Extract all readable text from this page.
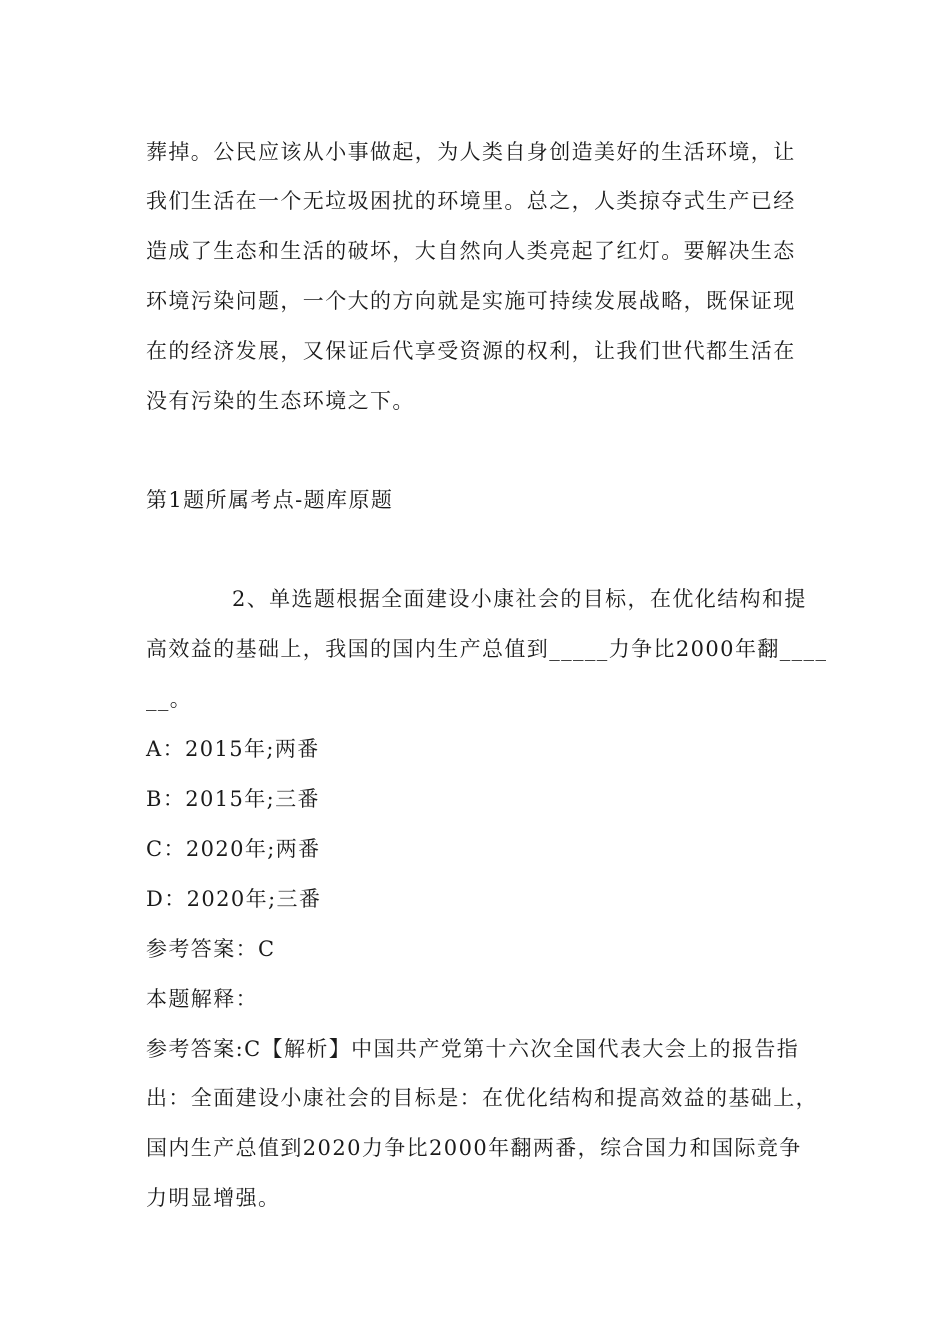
葬掉。公民应该从小事做起，为人类自身创造美好的生活环境，让
我们生活在一个无垃圾困扰的环境里。总之，人类掠夺式生产已经
造成了生态和生活的破坏，大自然向人类亮起了红灯。要解决生态
环境污染问题，一个大的方向就是实施可持续发展战略，既保证现
在的经济发展，又保证后代享受资源的权利，让我们世代都生活在
没有污染的生态环境之下。
第1题所属考点-题库原题
2、单选题根据全面建设小康社会的目标，在优化结构和提
高效益的基础上，我国的国内生产总值到_____力争比2000年翻____
__。
A：2015年;两番
B：2015年;三番
C：2020年;两番
D：2020年;三番
参考答案：C
本题解释：
参考答案:C【解析】中国共产党第十六次全国代表大会上的报告指
出：全面建设小康社会的目标是：在优化结构和提高效益的基础上，
国内生产总值到2020力争比2000年翻两番，综合国力和国际竞争
力明显增强。
